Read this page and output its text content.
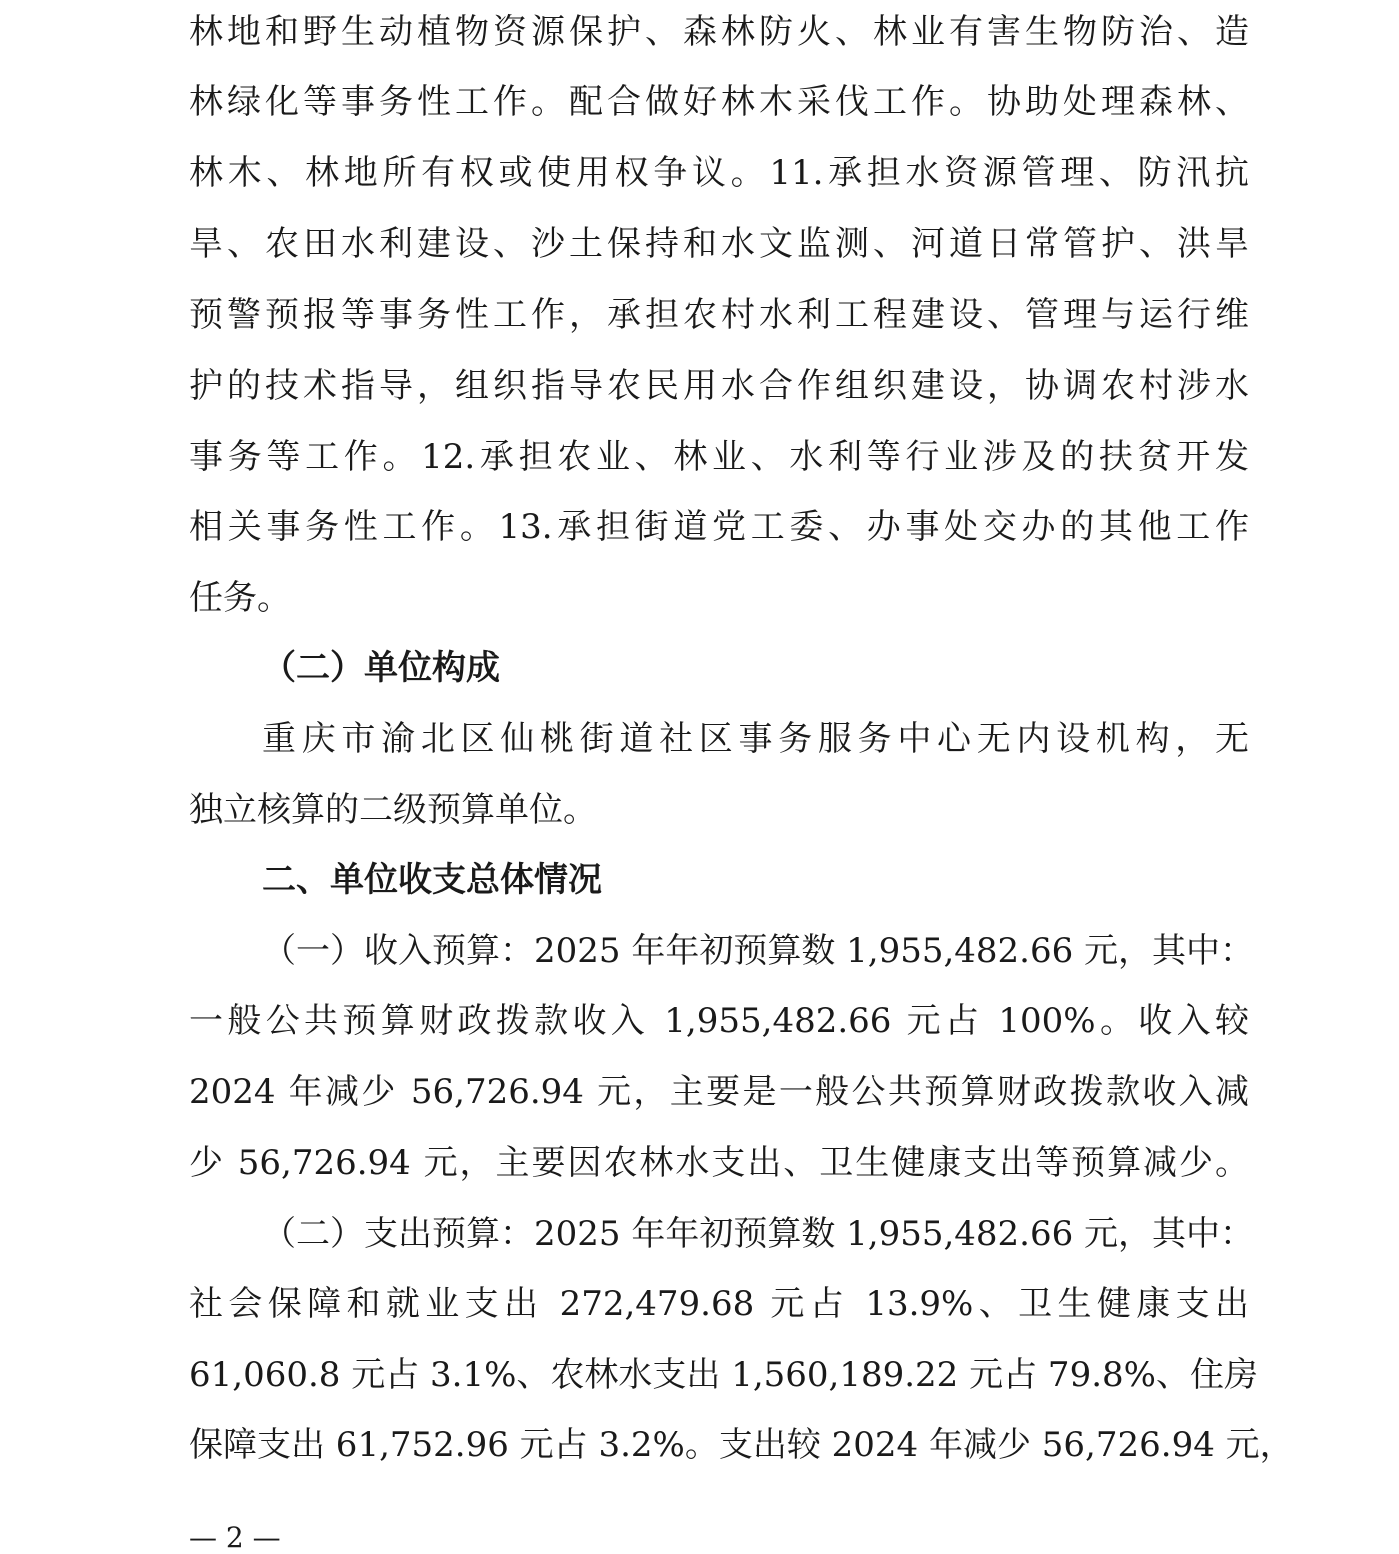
林地和野生动植物资源保护、森林防火、林业有害生物防治、造
林绿化等事务性工作。配合做好林木采伐工作。协助处理森林、
林木、林地所有权或使用权争议。11.承担水资源管理、防汛抗
旱、农田水利建设、沙土保持和水文监测、河道日常管护、洪旱
预警预报等事务性工作，承担农村水利工程建设、管理与运行维
护的技术指导，组织指导农民用水合作组织建设，协调农村涉水
事务等工作。12.承担农业、林业、水利等行业涉及的扶贫开发
相关事务性工作。13.承担街道党工委、办事处交办的其他工作
任务。
（二）单位构成
重庆市渝北区仙桃街道社区事务服务中心无内设机构，无
独立核算的二级预算单位。
二、单位收支总体情况
（一）收入预算：2025 年年初预算数 1,955,482.66 元，其中：
一般公共预算财政拨款收入 1,955,482.66 元占 100%。收入较
2024 年减少 56,726.94 元，主要是一般公共预算财政拨款收入减
少 56,726.94 元，主要因农林水支出、卫生健康支出等预算减少。
（二）支出预算：2025 年年初预算数 1,955,482.66 元，其中：
社会保障和就业支出 272,479.68 元占 13.9%、卫生健康支出
61,060.8 元占 3.1%、农林水支出 1,560,189.22 元占 79.8%、住房
保障支出 61,752.96 元占 3.2%。支出较 2024 年减少 56,726.94 元，
— 2 —
